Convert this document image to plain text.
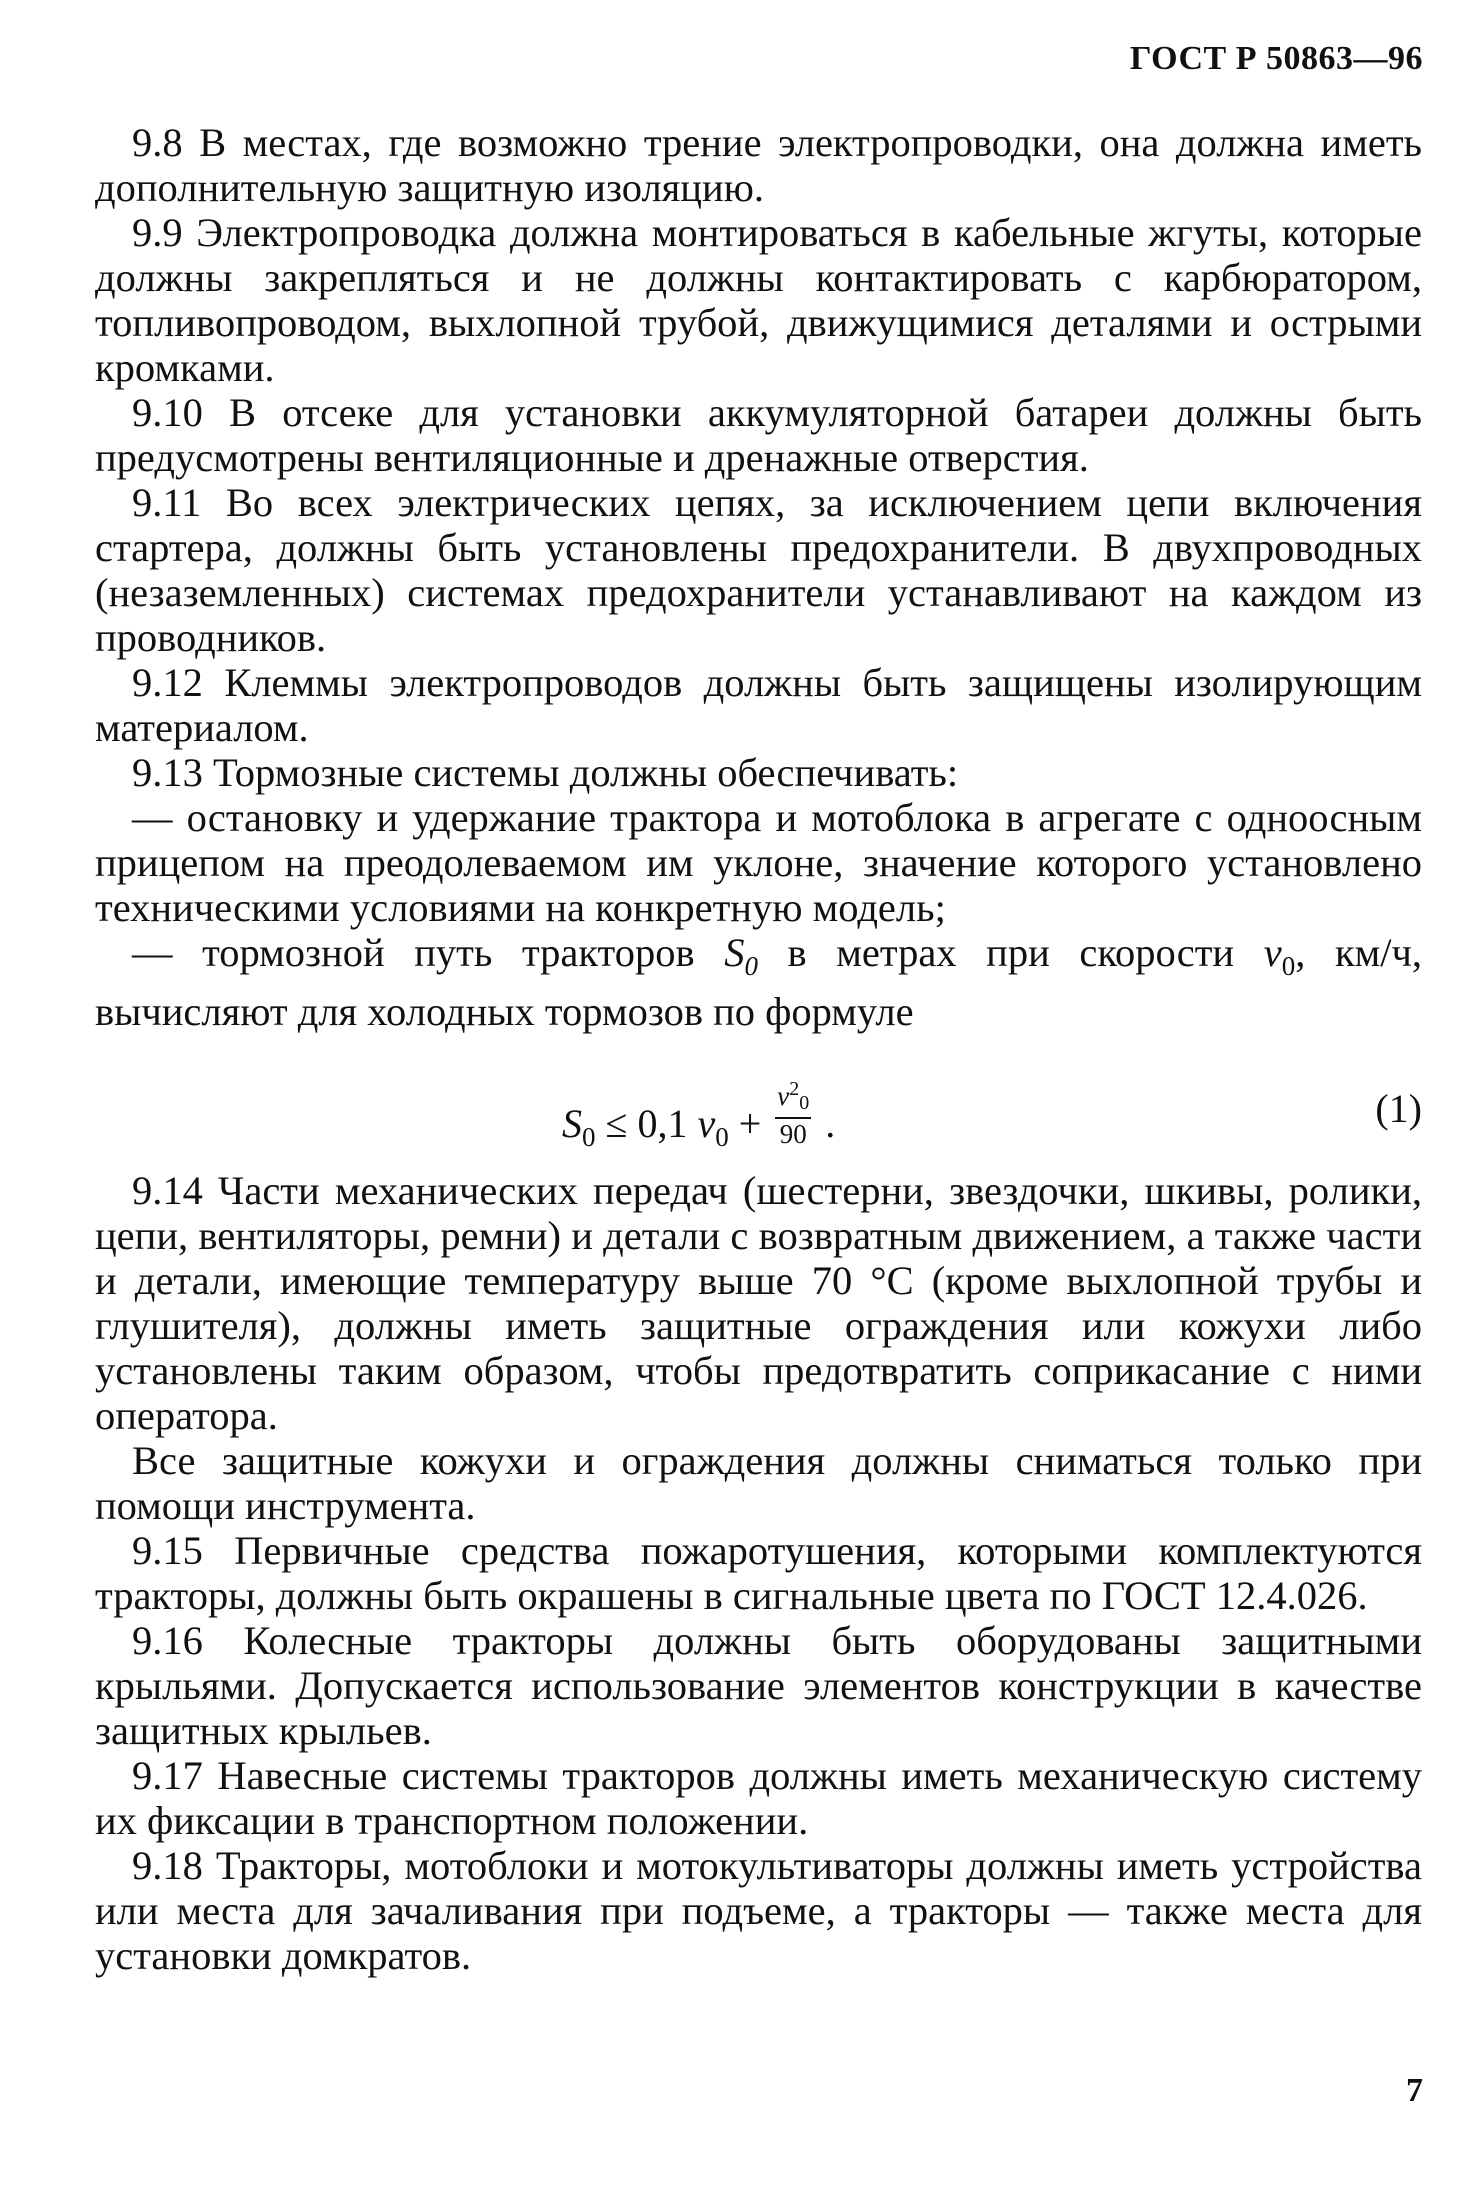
ГОСТ Р 50863—96

9.8 В местах, где возможно трение электропроводки, она должна иметь дополнительную защитную изоляцию.

9.9 Электропроводка должна монтироваться в кабельные жгуты, которые должны закрепляться и не должны контактировать с карбюратором, топливопроводом, выхлопной трубой, движущимися деталями и острыми кромками.

9.10 В отсеке для установки аккумуляторной батареи должны быть предусмотрены вентиляционные и дренажные отверстия.

9.11 Во всех электрических цепях, за исключением цепи включения стартера, должны быть установлены предохранители. В двухпроводных (незаземленных) системах предохранители устанавливают на каждом из проводников.

9.12 Клеммы электропроводов должны быть защищены изолирующим материалом.

9.13 Тормозные системы должны обеспечивать:

— остановку и удержание трактора и мотоблока в агрегате с одноосным прицепом на преодолеваемом им уклоне, значение которого установлено техническими условиями на конкретную модель;

— тормозной путь тракторов $S_0$ в метрах при скорости $v_0$, км/ч, вычисляют для холодных тормозов по формуле

$S_0 \le 0,1$ $v_0 + \frac{v^2_0}{90}$ .	(1)

9.14 Части механических передач (шестерни, звездочки, шкивы, ролики, цепи, вентиляторы, ремни) и детали с возвратным движением, а также части и детали, имеющие температуру выше 70 °С (кроме выхлопной трубы и глушителя), должны иметь защитные ограждения или кожухи либо установлены таким образом, чтобы предотвратить соприкасание с ними оператора.

Все защитные кожухи и ограждения должны сниматься только при помощи инструмента.

9.15 Первичные средства пожаротушения, которыми комплектуются тракторы, должны быть окрашены в сигнальные цвета по ГОСТ 12.4.026.

9.16 Колесные тракторы должны быть оборудованы защитными крыльями. Допускается использование элементов конструкции в качестве защитных крыльев.

9.17 Навесные системы тракторов должны иметь механическую систему их фиксации в транспортном положении.

9.18 Тракторы, мотоблоки и мотокультиваторы должны иметь устройства или места для зачаливания при подъеме, а тракторы — также места для установки домкратов.

7
